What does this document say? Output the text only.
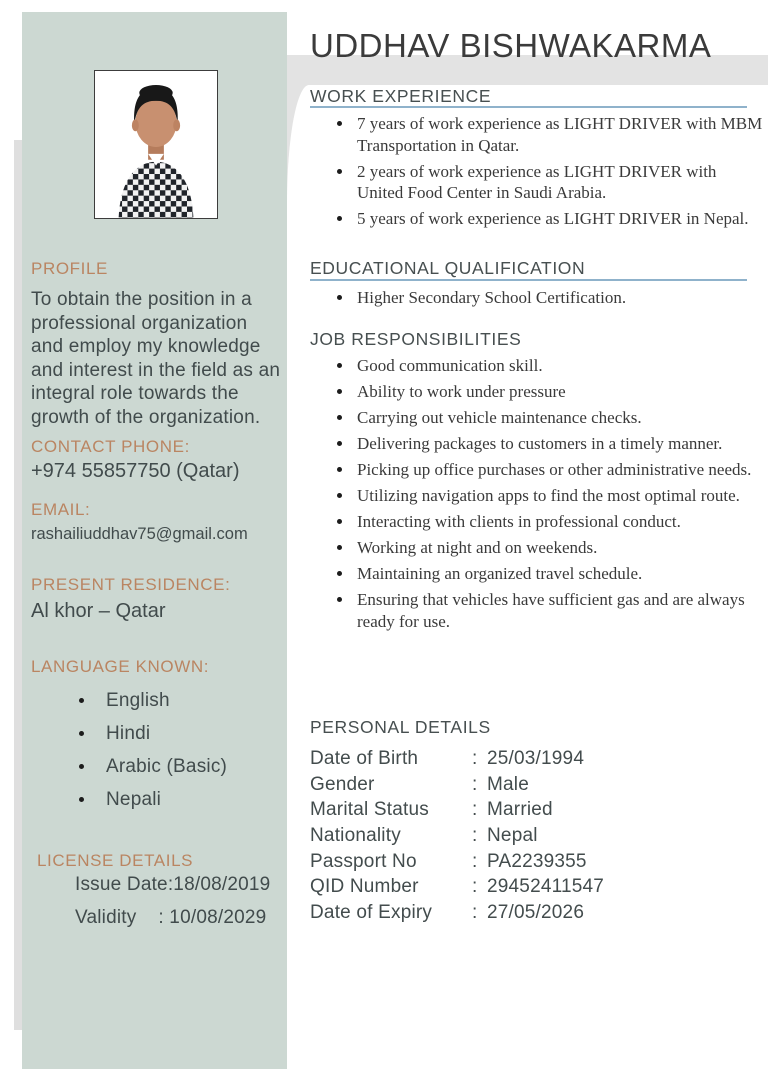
PROFILE
To obtain the position in a professional organization and employ my knowledge and interest in the field as an integral role towards the growth of the organization.
CONTACT PHONE:
+974 55857750 (Qatar)
EMAIL:
rashailiuddhav75@gmail.com
PRESENT RESIDENCE:
Al khor – Qatar
LANGUAGE KNOWN:
English
Hindi
Arabic (Basic)
Nepali
LICENSE DETAILS
Issue Date:18/08/2019
Validity    : 10/08/2029
UDDHAV BISHWAKARMA
WORK EXPERIENCE
7 years of work experience as LIGHT DRIVER with MBM Transportation in Qatar.
2 years of work experience as LIGHT DRIVER with United Food Center in Saudi Arabia.
5 years of work experience as LIGHT DRIVER in Nepal.
EDUCATIONAL QUALIFICATION
Higher Secondary School Certification.
JOB RESPONSIBILITIES
Good communication skill.
Ability to work under pressure
Carrying out vehicle maintenance checks.
Delivering packages to customers in a timely manner.
Picking up office purchases or other administrative needs.
Utilizing navigation apps to find the most optimal route.
Interacting with clients in professional conduct.
Working at night and on weekends.
Maintaining an organized travel schedule.
Ensuring that vehicles have sufficient gas and are always ready for use.
PERSONAL DETAILS
Date of Birth	: 25/03/1994
Gender	: Male
Marital Status	: Married
Nationality	: Nepal
Passport No	: PA2239355
QID Number	: 29452411547
Date of Expiry	: 27/05/2026
